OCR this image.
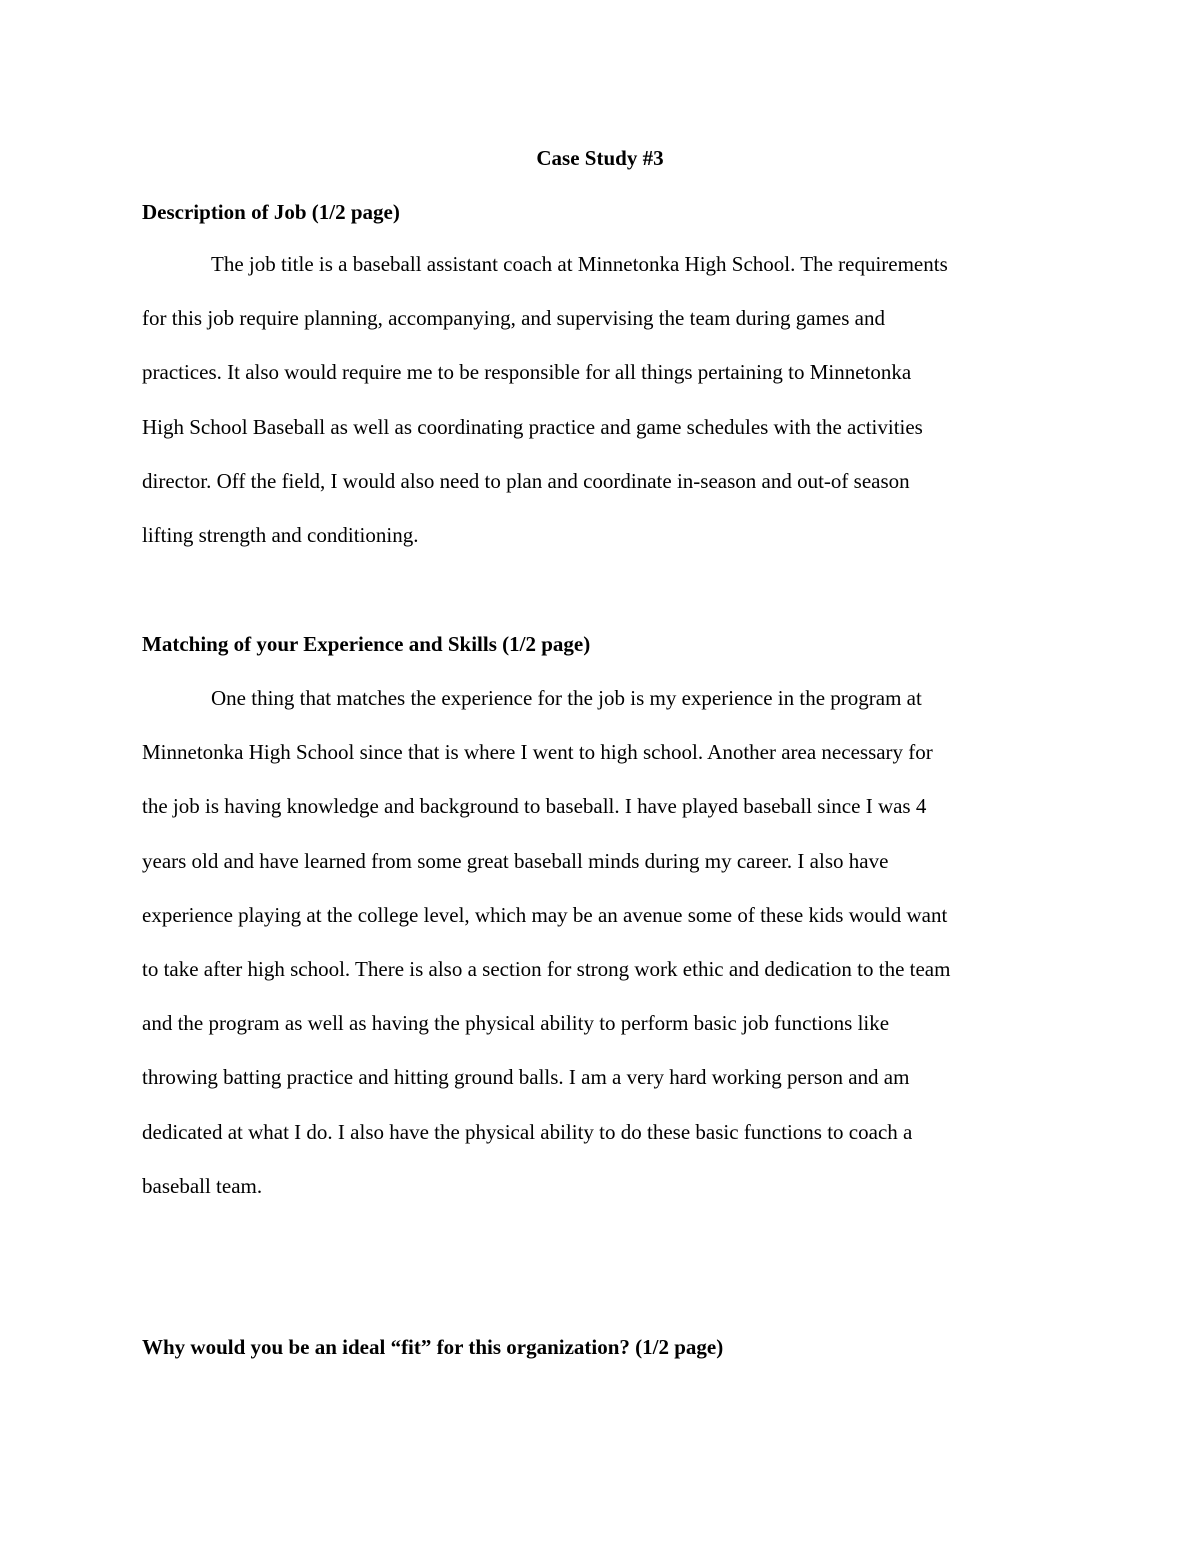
Case Study #3
Description of Job (1/2 page)
The job title is a baseball assistant coach at Minnetonka High School. The requirements
for this job require planning, accompanying, and supervising the team during games and
practices. It also would require me to be responsible for all things pertaining to Minnetonka
High School Baseball as well as coordinating practice and game schedules with the activities
director. Off the field, I would also need to plan and coordinate in-season and out-of season
lifting strength and conditioning.
Matching of your Experience and Skills (1/2 page)
One thing that matches the experience for the job is my experience in the program at
Minnetonka High School since that is where I went to high school. Another area necessary for
the job is having knowledge and background to baseball. I have played baseball since I was 4
years old and have learned from some great baseball minds during my career. I also have
experience playing at the college level, which may be an avenue some of these kids would want
to take after high school. There is also a section for strong work ethic and dedication to the team
and the program as well as having the physical ability to perform basic job functions like
throwing batting practice and hitting ground balls. I am a very hard working person and am
dedicated at what I do. I also have the physical ability to do these basic functions to coach a
baseball team.
Why would you be an ideal “fit” for this organization? (1/2 page)
